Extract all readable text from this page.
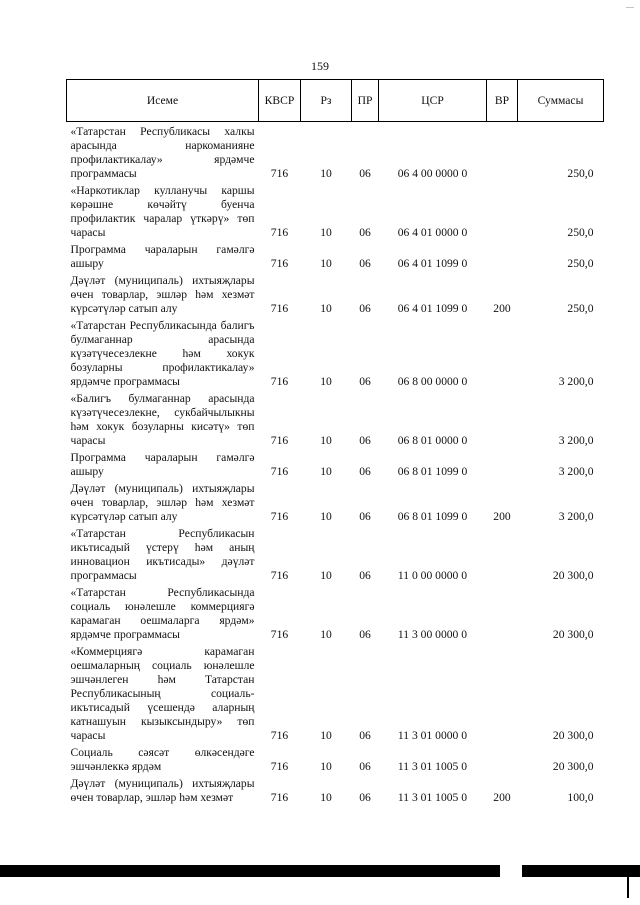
—
159
Исеме	КВСР	Рз	ПР	ЦСР	ВР	Суммасы
«Татарстан Республикасы халкы арасында наркоманияне профилактикалау» ярдәмче программасы	716	10	06	06 4 00 0000 0		250,0
«Наркотиклар кулланучы каршы көрәшне көчәйтү буенча профилактик чаралар үткәрү» төп чарасы	716	10	06	06 4 01 0000 0		250,0
Программа чараларын гамәлгә ашыру	716	10	06	06 4 01 1099 0		250,0
Дәүләт (муниципаль) ихтыяҗлары өчен товарлар, эшләр һәм хезмәт күрсәтүләр сатып алу	716	10	06	06 4 01 1099 0	200	250,0
«Татарстан Республикасында балигъ булмаганнар арасында күзәтүчесезлекне һәм хокук бозуларны профилактикалау» ярдәмче программасы	716	10	06	06 8 00 0000 0		3 200,0
«Балигъ булмаганнар арасында күзәтүчесезлекне, сукбайчылыкны һәм хокук бозуларны кисәтү» төп чарасы	716	10	06	06 8 01 0000 0		3 200,0
Программа чараларын гамәлгә ашыру	716	10	06	06 8 01 1099 0		3 200,0
Дәүләт (муниципаль) ихтыяҗлары өчен товарлар, эшләр һәм хезмәт күрсәтүләр сатып алу	716	10	06	06 8 01 1099 0	200	3 200,0
«Татарстан Республикасын икътисадый үстерү һәм аның инновацион икътисады» дәүләт программасы	716	10	06	11 0 00 0000 0		20 300,0
«Татарстан Республикасында социаль юнәлешле коммерциягә карамаган оешмаларга ярдәм» ярдәмче программасы	716	10	06	11 3 00 0000 0		20 300,0
«Коммерциягә карамаган оешмаларның социаль юнәлешле эшчәнлеген һәм Татарстан Республикасының социаль-икътисадый үсешендә аларның катнашуын кызыксындыру» төп чарасы	716	10	06	11 3 01 0000 0		20 300,0
Социаль сәясәт өлкәсендәге эшчәнлеккә ярдәм	716	10	06	11 3 01 1005 0		20 300,0
Дәүләт (муниципаль) ихтыяҗлары өчен товарлар, эшләр һәм хезмәт	716	10	06	11 3 01 1005 0	200	100,0
